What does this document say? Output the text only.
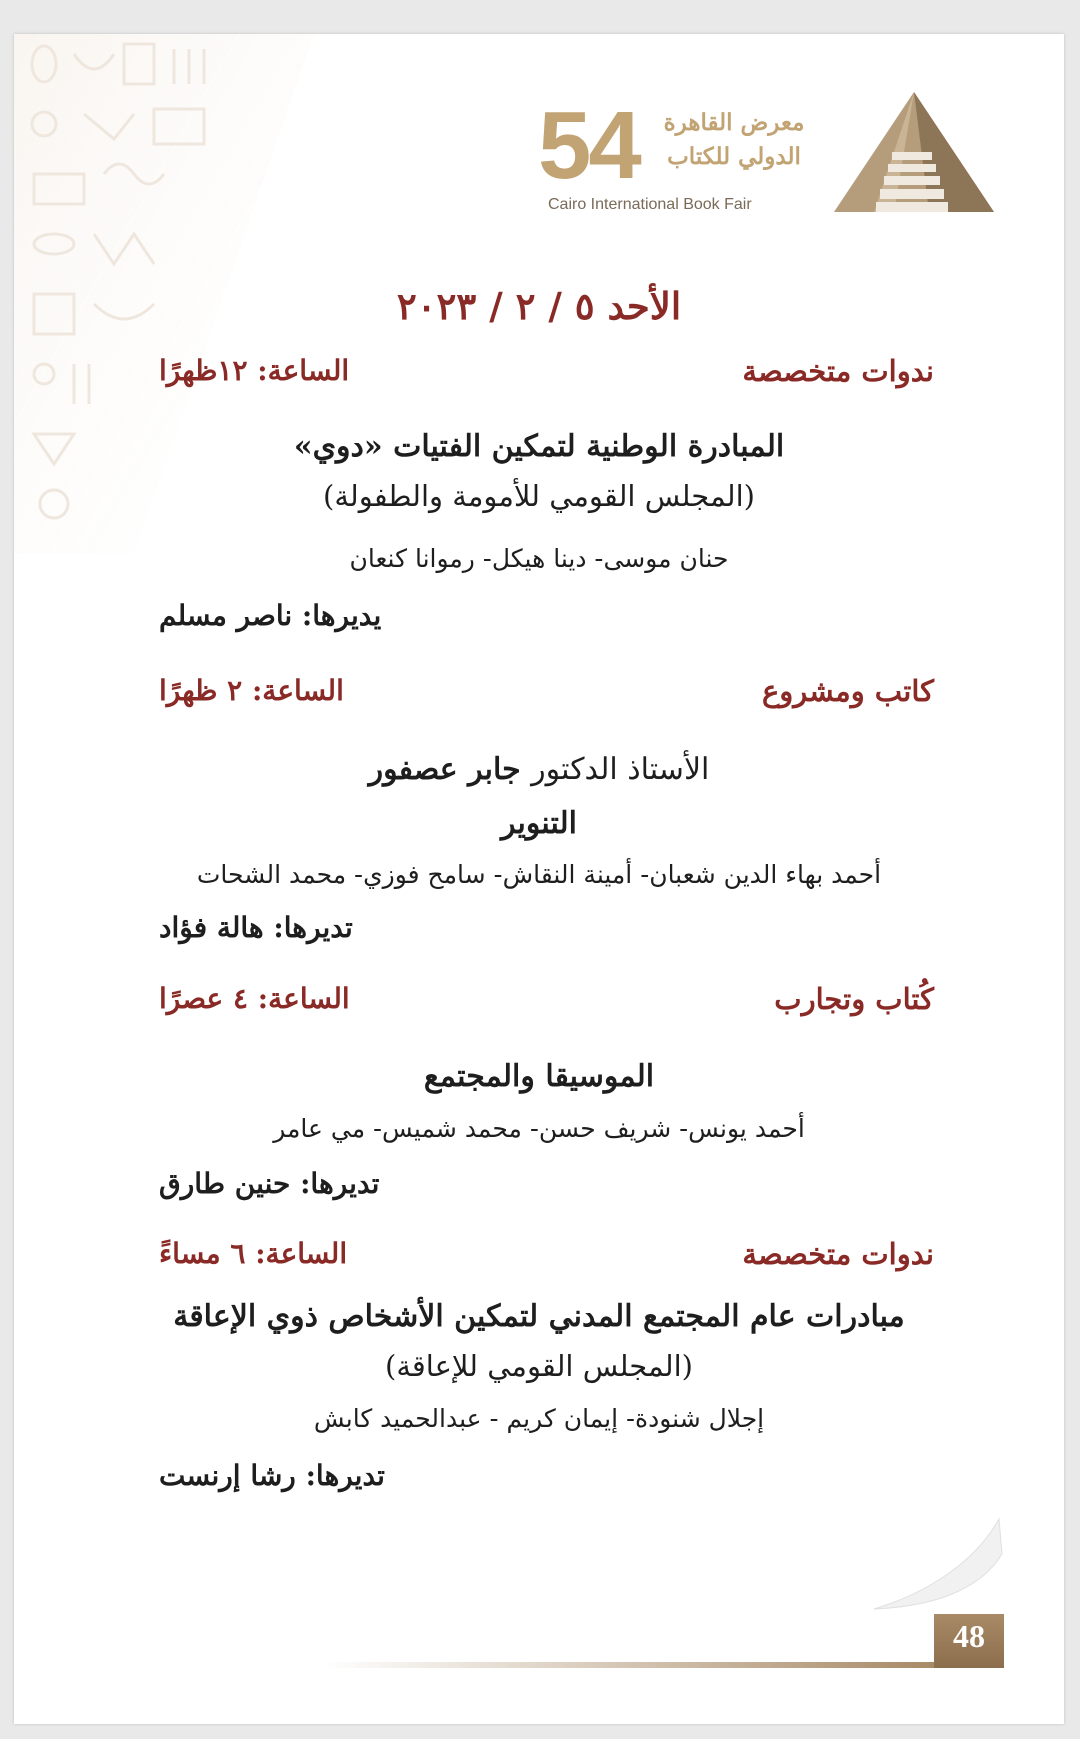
54	معرض القاهرة
الدولي للكتاب
Cairo International Book Fair
الأحد ٥ / ٢ / ٢٠٢٣
ندوات متخصصة
الساعة: ١٢ظهرًا
المبادرة الوطنية لتمكين الفتيات «دوي»
(المجلس القومي للأمومة والطفولة)
حنان موسى- دينا هيكل- رموانا كنعان
يديرها: ناصر مسلم
كاتب ومشروع
الساعة: ٢ ظهرًا
الأستاذ الدكتور جابر عصفور
التنوير
أحمد بهاء الدين شعبان- أمينة النقاش- سامح فوزي- محمد الشحات
تديرها: هالة فؤاد
كُتاب وتجارب
الساعة: ٤ عصرًا
الموسيقا والمجتمع
أحمد يونس- شريف حسن- محمد شميس- مي عامر
تديرها: حنين طارق
ندوات متخصصة
الساعة: ٦ مساءً
مبادرات عام المجتمع المدني لتمكين الأشخاص ذوي الإعاقة
(المجلس القومي للإعاقة)
إجلال شنودة- إيمان كريم - عبدالحميد كابش
تديرها: رشا إرنست
48
